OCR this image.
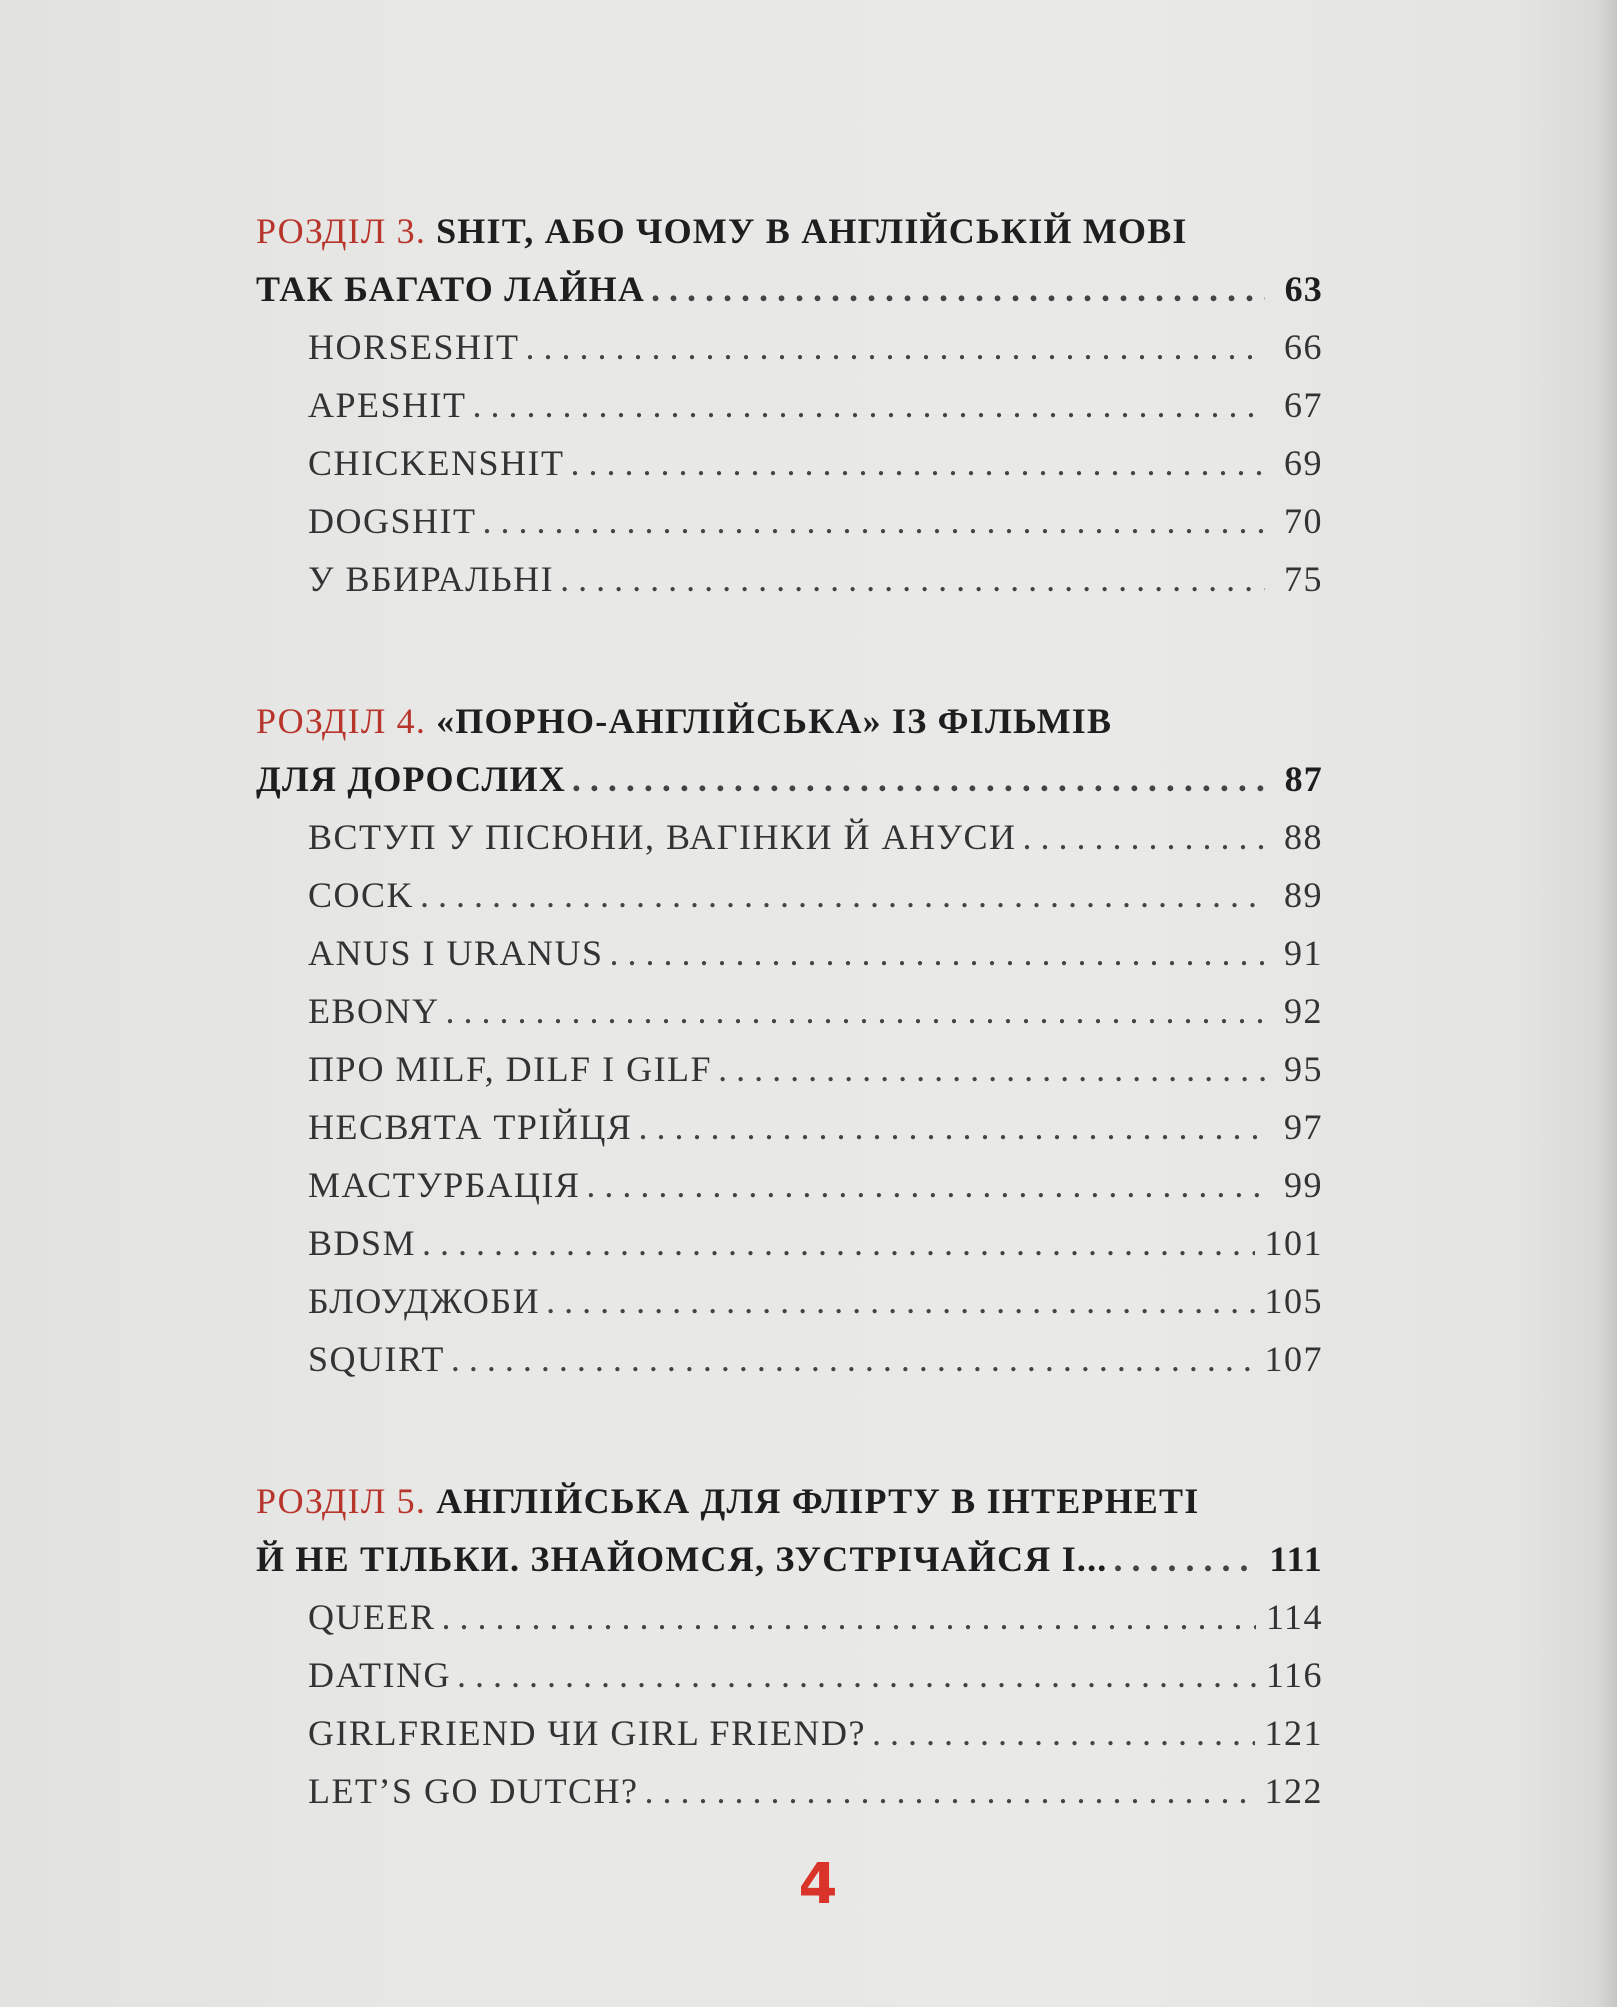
РОЗДІЛ 3. SHIT, АБО ЧОМУ В АНГЛІЙСЬКІЙ МОВІ
ТАК БАГАТО ЛАЙНА . . .	63
HORSESHIT . . .	66
APESHIT . . .	67
CHICKENSHIT . . .	69
DOGSHIT . . .	70
У ВБИРАЛЬНІ . . .	75
РОЗДІЛ 4. «ПОРНО-АНГЛІЙСЬКА» ІЗ ФІЛЬМІВ
ДЛЯ ДОРОСЛИХ . . .	87
ВСТУП У ПІСЮНИ, ВАГІНКИ Й АНУСИ . . .	88
COCK . . .	89
ANUS I URANUS . . .	91
EBONY . . .	92
ПРО MILF, DILF І GILF . . .	95
НЕСВЯТА ТРІЙЦЯ . . .	97
МАСТУРБАЦІЯ . . .	99
BDSM . . .	101
БЛОУДЖОБИ . . .	105
SQUIRT . . .	107
РОЗДІЛ 5. АНГЛІЙСЬКА ДЛЯ ФЛІРТУ В ІНТЕРНЕТІ
Й НЕ ТІЛЬКИ. ЗНАЙОМСЯ, ЗУСТРІЧАЙСЯ І... . . .	111
QUEER . . .	114
DATING . . .	116
GIRLFRIEND ЧИ GIRL FRIEND? . . .	121
LET’S GO DUTCH? . . .	122
4
